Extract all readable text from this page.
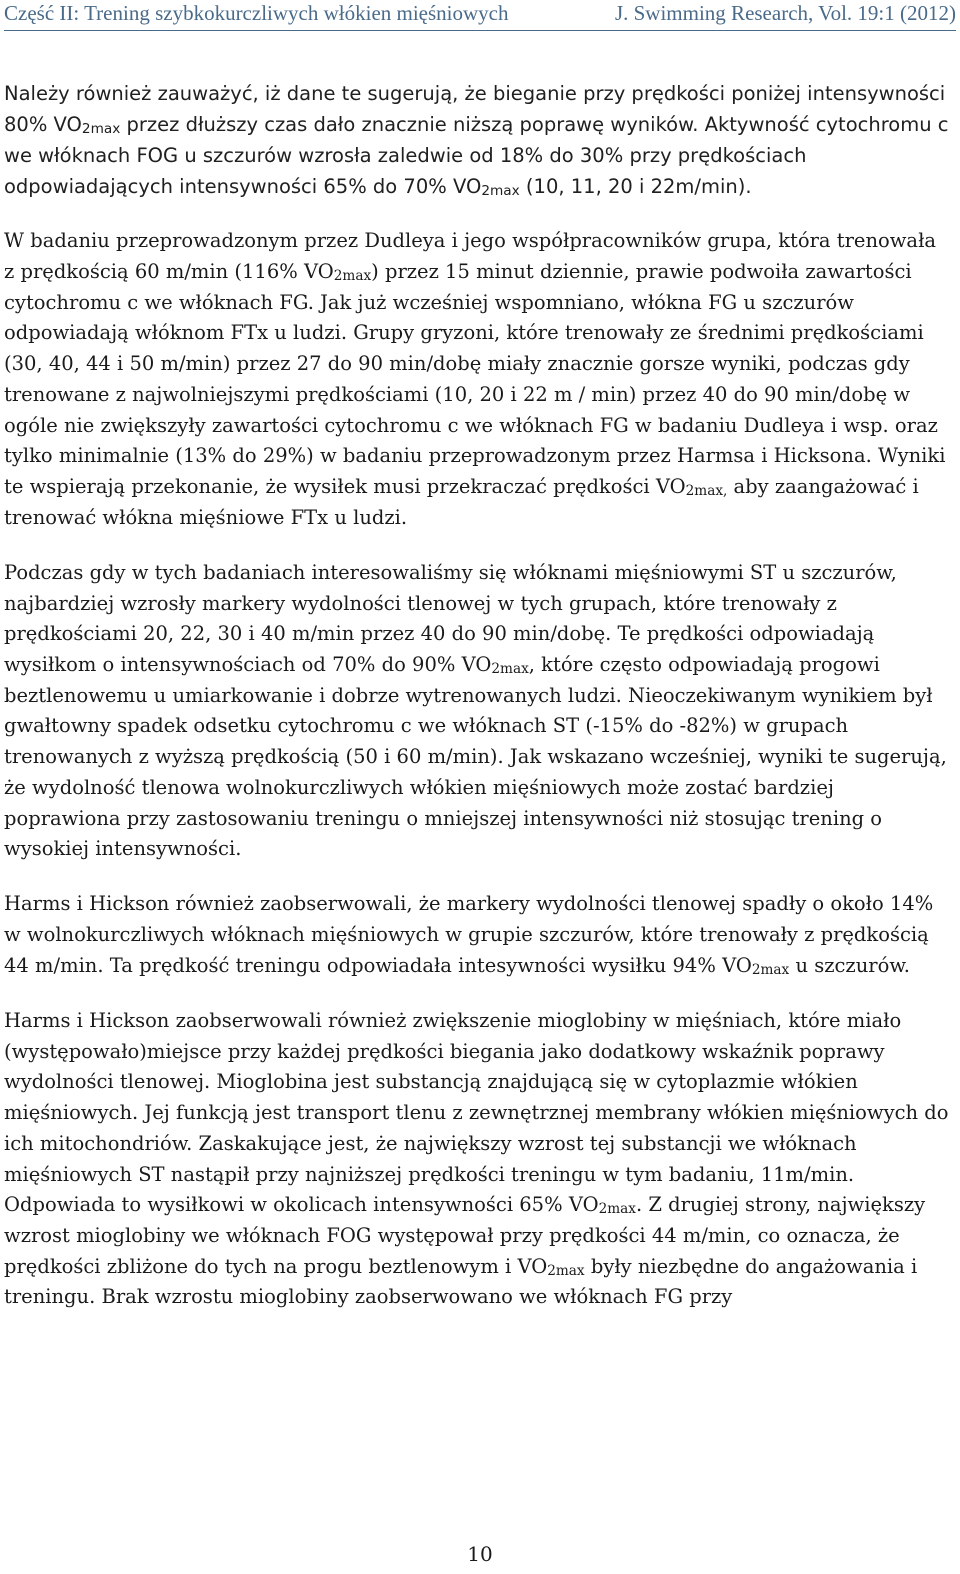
Część II: Trening szybkokurczliwych włókien mięśniowych	J. Swimming Research, Vol. 19:1 (2012)

Należy również zauważyć, iż dane te sugerują, że bieganie przy prędkości poniżej intensywności 80% $VO_{2max}$ przez dłuższy czas dało znacznie niższą poprawę wyników. Aktywność cytochromu c we włóknach FOG u szczurów wzrosła zaledwie od 18% do 30% przy prędkościach odpowiadających intensywności 65% do 70% $VO_{2max}$ (10, 11, 20 i 22m/min).

W badaniu przeprowadzonym przez Dudleya i jego współpracowników grupa, która trenowała z prędkością 60 m/min (116% $VO_{2max}$) przez 15 minut dziennie, prawie podwoiła zawartości cytochromu c we włóknach FG. Jak już wcześniej wspomniano, włókna FG u szczurów odpowiadają włóknom FTx u ludzi. Grupy gryzoni, które trenowały ze średnimi prędkościami (30, 40, 44 i 50 m/min) przez 27 do 90 min/dobę miały znacznie gorsze wyniki, podczas gdy trenowane z najwolniejszymi prędkościami (10, 20 i 22 m / min) przez 40 do 90 min/dobę w ogóle nie zwiększyły zawartości cytochromu c we włóknach FG w badaniu Dudleya i wsp. oraz tylko minimalnie (13% do 29%) w badaniu przeprowadzonym przez Harmsa i Hicksona. Wyniki te wspierają przekonanie, że wysiłek musi przekraczać prędkości $VO_{2max,}$ aby zaangażować i trenować włókna mięśniowe FTx u ludzi.

Podczas gdy w tych badaniach interesowaliśmy się włóknami mięśniowymi ST u szczurów, najbardziej wzrosły markery wydolności tlenowej w tych grupach, które trenowały z prędkościami 20, 22, 30 i 40 m/min przez 40 do 90 min/dobę. Te prędkości odpowiadają wysiłkom o intensywnościach od 70% do 90% $VO_{2max}$, które często odpowiadają progowi beztlenowemu u umiarkowanie i dobrze wytrenowanych ludzi. Nieoczekiwanym wynikiem był gwałtowny spadek odsetku cytochromu c we włóknach ST (-15% do -82%) w grupach trenowanych z wyższą prędkością (50 i 60 m/min). Jak wskazano wcześniej, wyniki te sugerują, że wydolność tlenowa wolnokurczliwych włókien mięśniowych może zostać bardziej poprawiona przy zastosowaniu treningu o mniejszej intensywności niż stosując trening o wysokiej intensywności.

Harms i Hickson również zaobserwowali, że markery wydolności tlenowej spadły o około 14% w wolnokurczliwych włóknach mięśniowych w grupie szczurów, które trenowały z prędkością 44 m/min. Ta prędkość treningu odpowiadała intesywności wysiłku 94% $VO_{2max}$ u szczurów.

Harms i Hickson zaobserwowali również zwiększenie mioglobiny w mięśniach, które miało (występowało)miejsce przy każdej prędkości biegania jako dodatkowy wskaźnik poprawy wydolności tlenowej. Mioglobina jest substancją znajdującą się w cytoplazmie włókien mięśniowych. Jej funkcją jest transport tlenu z zewnętrznej membrany włókien mięśniowych do ich mitochondriów. Zaskakujące jest, że największy wzrost tej substancji we włóknach mięśniowych ST nastąpił przy najniższej prędkości treningu w tym badaniu, 11m/min. Odpowiada to wysiłkowi w okolicach intensywności 65% $VO_{2max}$. Z drugiej strony, największy wzrost mioglobiny we włóknach FOG występował przy prędkości 44 m/min, co oznacza, że prędkości zbliżone do tych na progu beztlenowym i $VO_{2max}$ były niezbędne do angażowania i treningu. Brak wzrostu mioglobiny zaobserwowano we włóknach FG przy

10
